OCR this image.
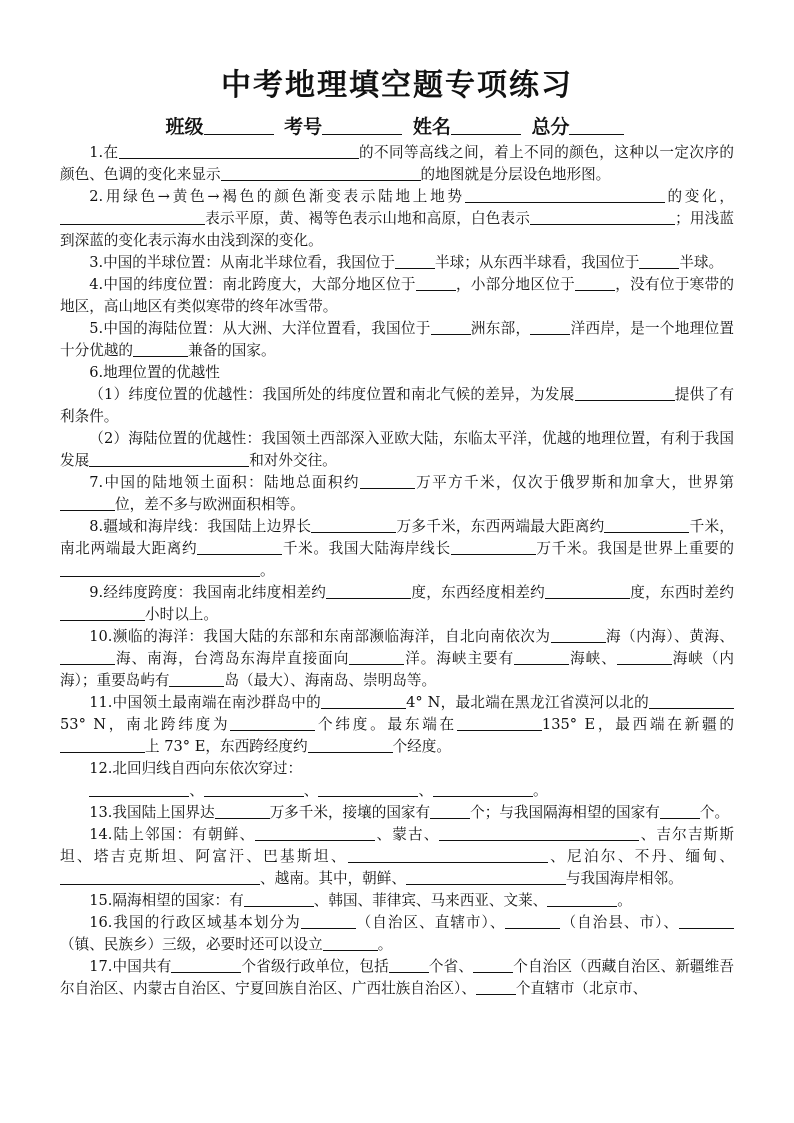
中考地理填空题专项练习
班级	考号	姓名	总分

1.在	的不同等高线之间，着上不同的颜色，这种以一定次序的颜色、色调的变化来显示	的地图就是分层设色地形图。

2.用绿色→黄色→褐色的颜色渐变表示陆地上地势	的变化，表示平原，黄、褐等色表示山地和高原，白色表示	；用浅蓝到深蓝的变化表示海水由浅到深的变化。

3.中国的半球位置：从南北半球位看，我国位于	半球；从东西半球看，我国位于	半球。

4.中国的纬度位置：南北跨度大，大部分地区位于	，小部分地区位于	，没有位于寒带的地区，高山地区有类似寒带的终年冰雪带。

5.中国的海陆位置：从大洲、大洋位置看，我国位于	洲东部，	洋西岸，是一个地理位置十分优越的	兼备的国家。

6.地理位置的优越性

（1）纬度位置的优越性：我国所处的纬度位置和南北气候的差异，为发展	提供了有利条件。

（2）海陆位置的优越性：我国领土西部深入亚欧大陆，东临太平洋，优越的地理位置，有利于我国发展	和对外交往。

7.中国的陆地领土面积：陆地总面积约	万平方千米，仅次于俄罗斯和加拿大，世界第位，差不多与欧洲面积相等。

8.疆域和海岸线：我国陆上边界长	万多千米，东西两端最大距离约	千米，南北两端最大距离约	千米。我国大陆海岸线长	万千米。我国是世界上重要的。

9.经纬度跨度：我国南北纬度相差约	度，东西经度相差约	度，东西时差约小时以上。

10.濒临的海洋：我国大陆的东部和东南部濒临海洋，自北向南依次为	海（内海）、黄海、海、南海，台湾岛东海岸直接面向	洋。海峡主要有	海峡、	海峡（内海）；重要岛屿有	岛（最大）、海南岛、崇明岛等。

11.中国领土最南端在南沙群岛中的	4° N，最北端在黑龙江省漠河以北的53° N，南北跨纬度为	个纬度。最东端在	135° E，最西端在新疆的上 73° E，东西跨经度约	个经度。

12.北回归线自西向东依次穿过：

、	、	、	。

13.我国陆上国界达	万多千米，接壤的国家有	个；与我国隔海相望的国家有	个。

14.陆上邻国：有朝鲜、	、蒙古、	、吉尔吉斯斯坦、塔吉克斯坦、阿富汗、巴基斯坦、	、尼泊尔、不丹、缅甸、、越南。其中，朝鲜、	与我国海岸相邻。

15.隔海相望的国家：有	、韩国、菲律宾、马来西亚、文莱、	。

16.我国的行政区域基本划分为	（自治区、直辖市）、	（自治县、市）、（镇、民族乡）三级，必要时还可以设立	。

17.中国共有	个省级行政单位，包括	个省、	个自治区（西藏自治区、新疆维吾尔自治区、内蒙古自治区、宁夏回族自治区、广西壮族自治区）、	个直辖市（北京市、
